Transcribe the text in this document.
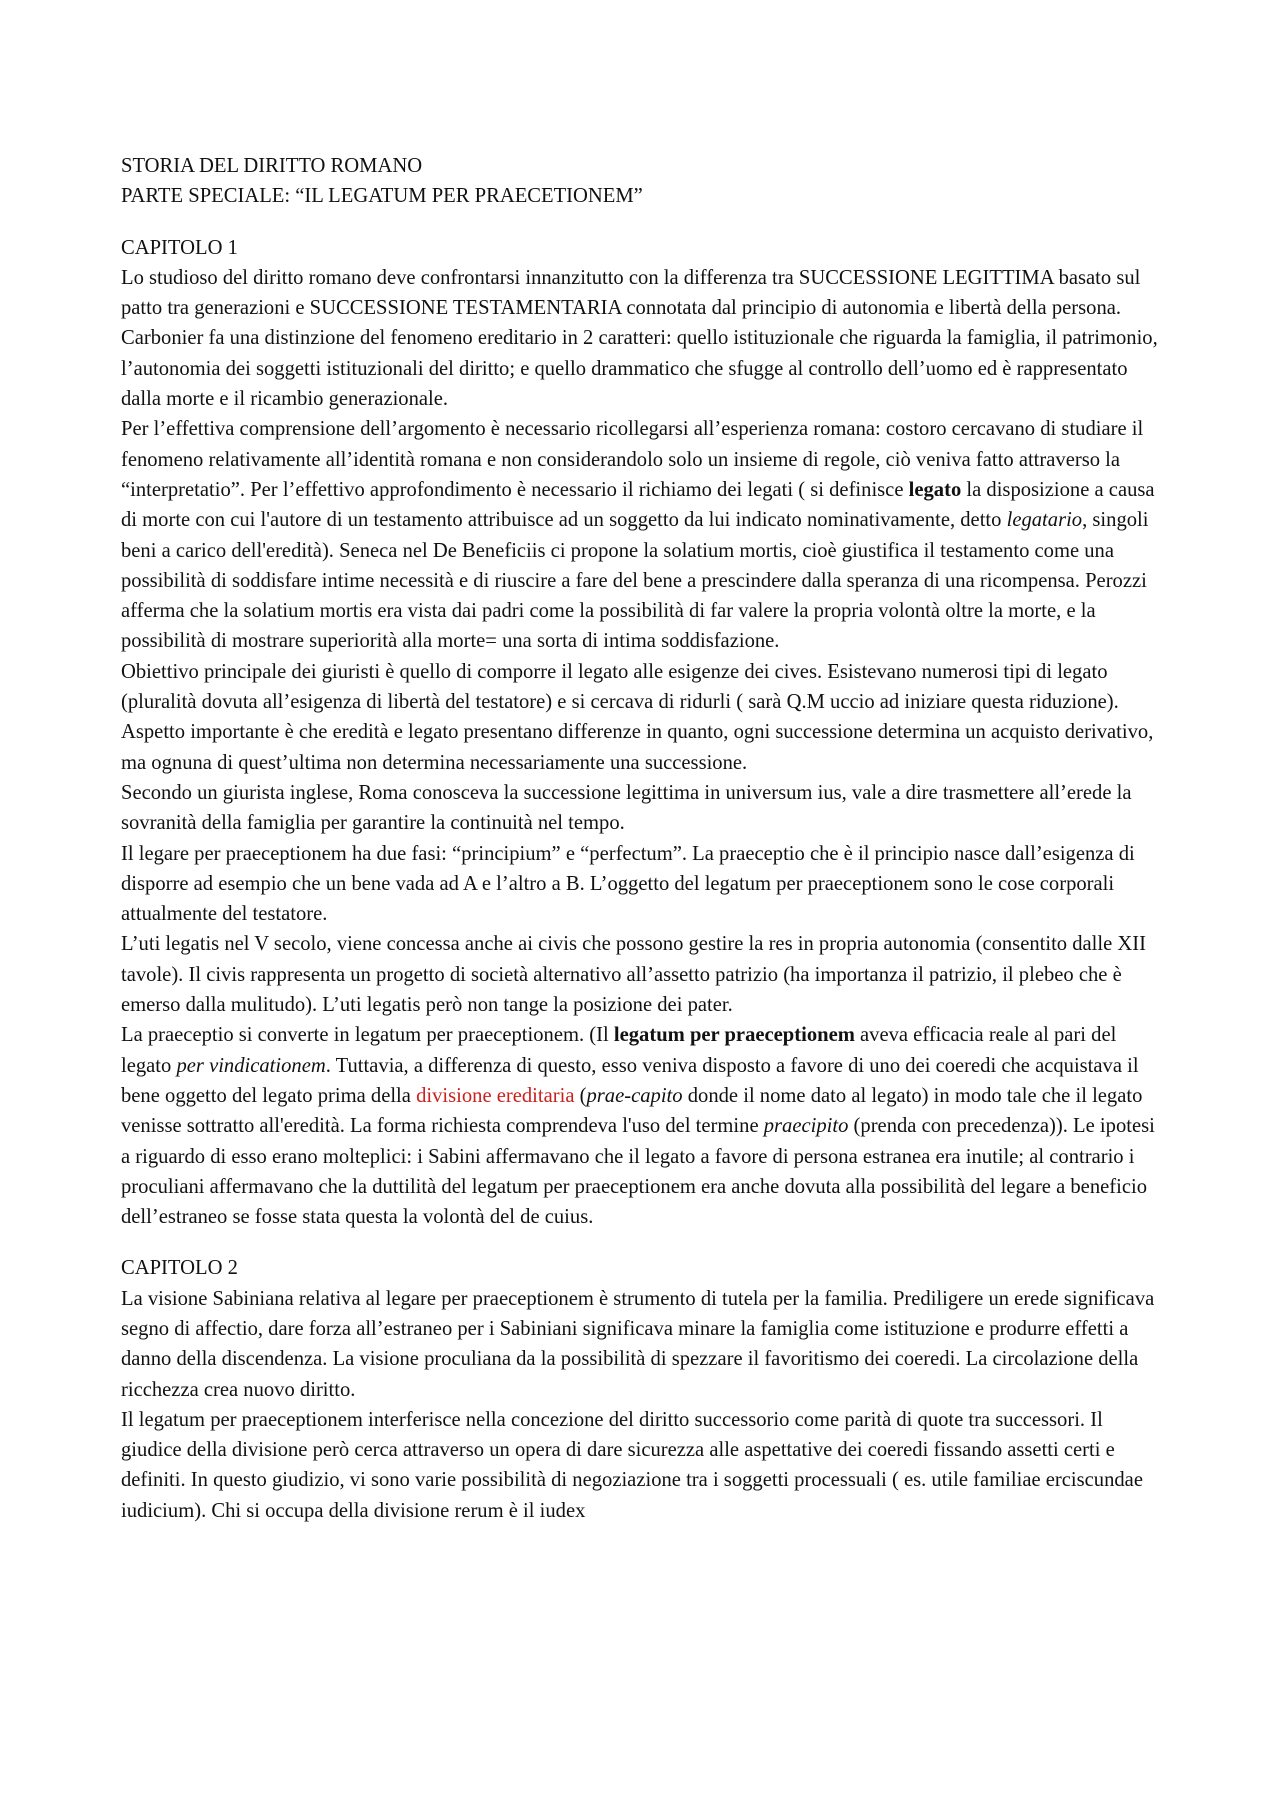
STORIA DEL DIRITTO ROMANO

PARTE SPECIALE: “IL LEGATUM PER PRAECETIONEM”

CAPITOLO 1

Lo studioso del diritto romano deve confrontarsi innanzitutto con la differenza tra SUCCESSIONE LEGITTIMA basato sul patto tra generazioni e SUCCESSIONE TESTAMENTARIA connotata dal principio di autonomia e libertà della persona.

Carbonier fa una distinzione del fenomeno ereditario in 2 caratteri: quello istituzionale che riguarda la famiglia, il patrimonio, l’autonomia dei soggetti istituzionali del diritto; e quello drammatico che sfugge al controllo dell’uomo ed è rappresentato dalla morte e il ricambio generazionale.

Per l’effettiva comprensione dell’argomento è necessario ricollegarsi all’esperienza romana: costoro cercavano di studiare il fenomeno relativamente all’identità romana e non considerandolo solo un insieme di regole, ciò veniva fatto attraverso la “interpretatio”. Per l’effettivo approfondimento è necessario il richiamo dei legati ( si definisce legato la disposizione a causa di morte con cui l'autore di un testamento attribuisce ad un soggetto da lui indicato nominativamente, detto legatario, singoli beni a carico dell'eredità). Seneca nel De Beneficiis ci propone la solatium mortis, cioè giustifica il testamento come una possibilità di soddisfare intime necessità e di riuscire a fare del bene a prescindere dalla speranza di una ricompensa. Perozzi afferma che la solatium mortis era vista dai padri come la possibilità di far valere la propria volontà oltre la morte, e la possibilità di mostrare superiorità alla morte= una sorta di intima soddisfazione.

Obiettivo principale dei giuristi è quello di comporre il legato alle esigenze dei cives. Esistevano numerosi tipi di legato (pluralità dovuta all’esigenza di libertà del testatore) e si cercava di ridurli ( sarà Q.M uccio ad iniziare questa riduzione). Aspetto importante è che eredità e legato presentano differenze in quanto, ogni successione determina un acquisto derivativo, ma ognuna di quest’ultima non determina necessariamente una successione.

Secondo un giurista inglese, Roma conosceva la successione legittima in universum ius, vale a dire trasmettere all’erede la sovranità della famiglia per garantire la continuità nel tempo.

Il legare per praeceptionem ha due fasi: “principium” e “perfectum”. La praeceptio che è il principio nasce dall’esigenza di disporre ad esempio che un bene vada ad A e l’altro a B. L’oggetto del legatum per praeceptionem sono le cose corporali attualmente del testatore.

L’uti legatis nel V secolo, viene concessa anche ai civis che possono gestire la res in propria autonomia (consentito dalle XII tavole). Il civis rappresenta un progetto di società alternativo all’assetto patrizio (ha importanza il patrizio, il plebeo che è emerso dalla mulitudo). L’uti legatis però non tange la posizione dei pater.

La praeceptio si converte in legatum per praeceptionem. (Il legatum per praeceptionem aveva efficacia reale al pari del legato per vindicationem. Tuttavia, a differenza di questo, esso veniva disposto a favore di uno dei coeredi che acquistava il bene oggetto del legato prima della divisione ereditaria (prae-capito donde il nome dato al legato) in modo tale che il legato venisse sottratto all'eredità. La forma richiesta comprendeva l'uso del termine praecipito (prenda con precedenza)). Le ipotesi a riguardo di esso erano molteplici: i Sabini affermavano che il legato a favore di persona estranea era inutile; al contrario i proculiani affermavano che la duttilità del legatum per praeceptionem era anche dovuta alla possibilità del legare a beneficio dell’estraneo se fosse stata questa la volontà del de cuius.

CAPITOLO 2

La visione Sabiniana relativa al legare per praeceptionem è strumento di tutela per la familia. Prediligere un erede significava segno di affectio, dare forza all’estraneo per i Sabiniani significava minare la famiglia come istituzione e produrre effetti a danno della discendenza. La visione proculiana da la possibilità di spezzare il favoritismo dei coeredi. La circolazione della ricchezza crea nuovo diritto.

Il legatum per praeceptionem interferisce nella concezione del diritto successorio come parità di quote tra successori. Il giudice della divisione però cerca attraverso un opera di dare sicurezza alle aspettative dei coeredi fissando assetti certi e definiti. In questo giudizio, vi sono varie possibilità di negoziazione tra i soggetti processuali ( es. utile familiae erciscundae iudicium). Chi si occupa della divisione rerum è il iudex
